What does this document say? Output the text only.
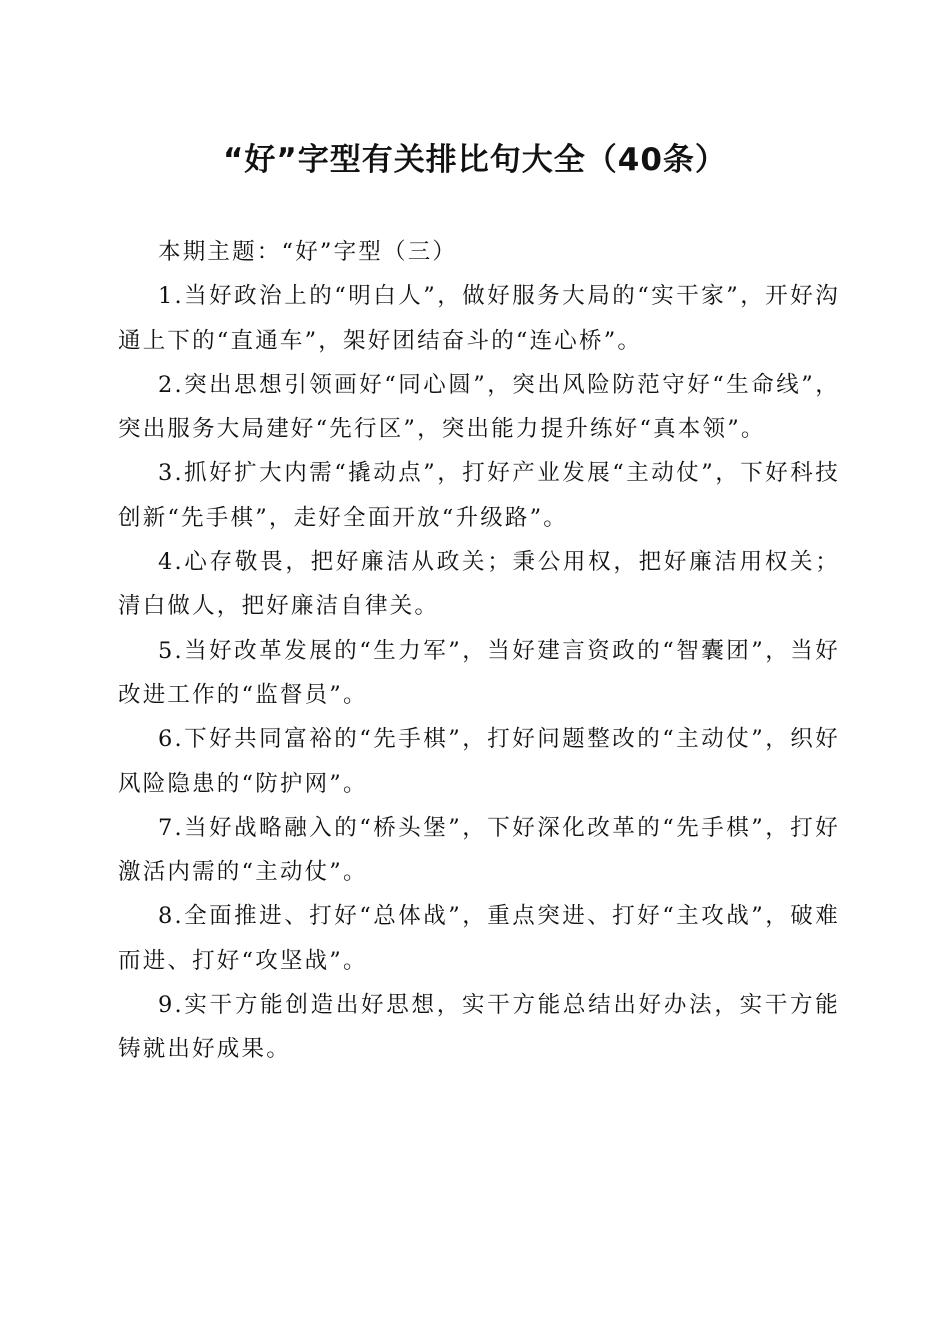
“好”字型有关排比句大全（40条）

本期主题：“好”字型（三）

1.当好政治上的“明白人”，做好服务大局的“实干家”，开好沟通上下的“直通车”，架好团结奋斗的“连心桥”。

2.突出思想引领画好“同心圆”，突出风险防范守好“生命线”，突出服务大局建好“先行区”，突出能力提升练好“真本领”。

3.抓好扩大内需“撬动点”，打好产业发展“主动仗”，下好科技创新“先手棋”，走好全面开放“升级路”。

4.心存敬畏，把好廉洁从政关；秉公用权，把好廉洁用权关；清白做人，把好廉洁自律关。

5.当好改革发展的“生力军”，当好建言资政的“智囊团”，当好改进工作的“监督员”。

6.下好共同富裕的“先手棋”，打好问题整改的“主动仗”，织好风险隐患的“防护网”。

7.当好战略融入的“桥头堡”，下好深化改革的“先手棋”，打好激活内需的“主动仗”。

8.全面推进、打好“总体战”，重点突进、打好“主攻战”，破难而进、打好“攻坚战”。

9.实干方能创造出好思想，实干方能总结出好办法，实干方能铸就出好成果。
